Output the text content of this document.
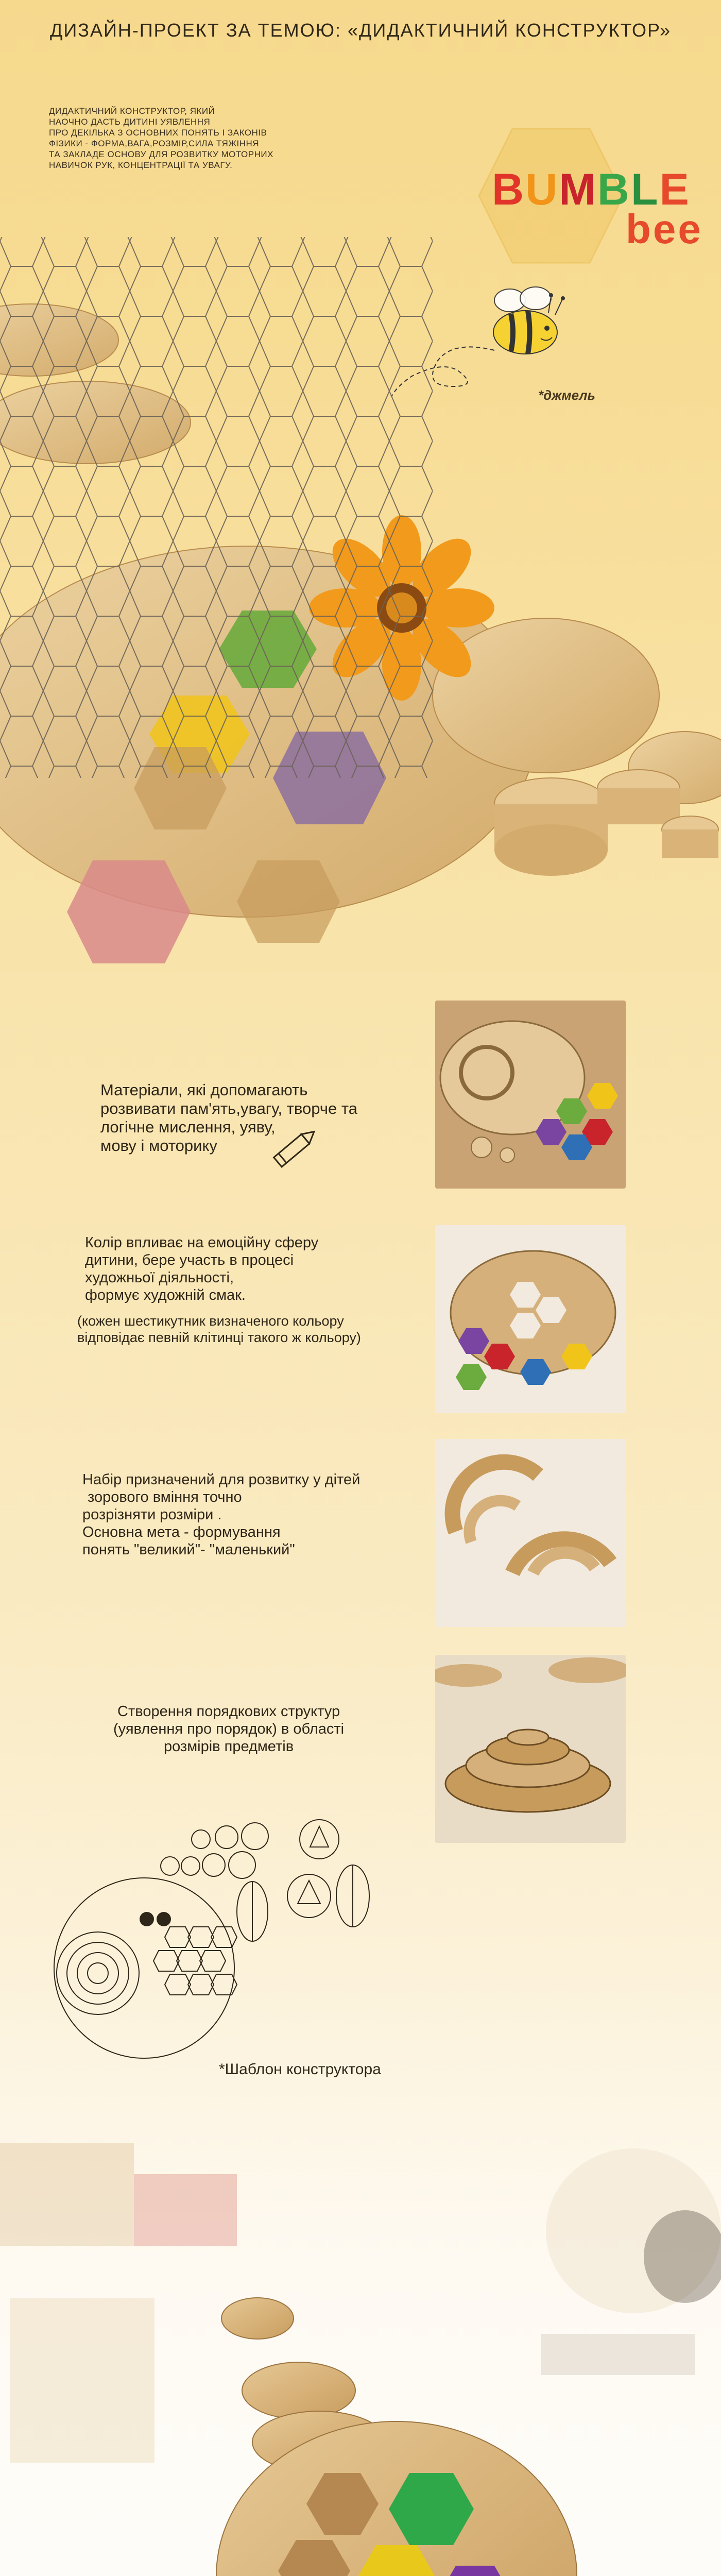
ДИЗАЙН-ПРОЕКТ ЗА ТЕМОЮ: «ДИДАКТИЧНИЙ КОНСТРУКТОР»
ДИДАКТИЧНИЙ КОНСТРУКТОР, ЯКИЙ
НАОЧНО ДАСТЬ ДИТИНІ УЯВЛЕННЯ
ПРО ДЕКІЛЬКА З ОСНОВНИХ ПОНЯТЬ І ЗАКОНІВ
ФІЗИКИ - ФОРМА,ВАГА,РОЗМІР,СИЛА ТЯЖІННЯ
ТА ЗАКЛАДЕ ОСНОВУ ДЛЯ РОЗВИТКУ МОТОРНИХ
НАВИЧОК РУК, КОНЦЕНТРАЦІЇ ТА УВАГУ.	BUMBLE
bee
*джмель
Матеріали, які допомагають
розвивати пам'ять,увагу, творче та
логічне мислення, уяву,
мову і моторику
Колір впливає на емоційну сферу
дитини, бере участь в процесі
художньої діяльності,
формує художній смак.
(кожен шестикутник визначеного кольору
відповідає певній клітинці такого ж кольору)
Набір призначений для розвитку у дітей
зорового вміння точно
розрізняти розміри .
Основна мета - формування
понять "великий"- "маленький"
Створення порядкових структур
(уявлення про порядок) в області
розмірів предметів
*Шаблон конструктора
